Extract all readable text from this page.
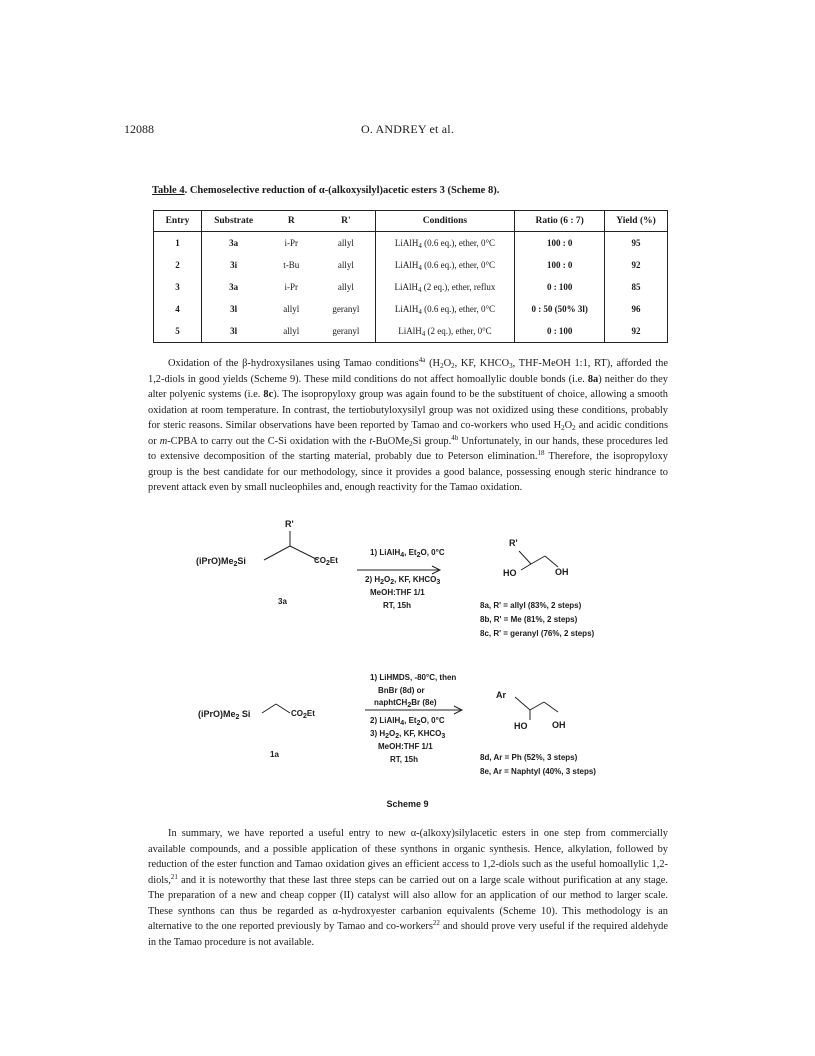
12088	O. ANDREY et al.
Table 4. Chemoselective reduction of α-(alkoxysilyl)acetic esters 3 (Scheme 8).
Entry	Substrate	R	R'	Conditions	Ratio (6 : 7)	Yield (%)
1	3a	i-Pr	allyl	LiAlH$_4$ (0.6 eq.), ether, 0°C	100 : 0	95
2	3i	t-Bu	allyl	LiAlH$_4$ (0.6 eq.), ether, 0°C	100 : 0	92
3	3a	i-Pr	allyl	LiAlH$_4$ (2 eq.), ether, reflux	0 : 100	85
4	3l	allyl	geranyl	LiAlH$_4$ (0.6 eq.), ether, 0°C	0 : 50 (50% 3l)	96
5	3l	allyl	geranyl	LiAlH$_4$ (2 eq.), ether, 0°C	0 : 100	92
Oxidation of the β-hydroxysilanes using Tamao conditions$^{4a}$ ($H_2O_2$, KF, $KHCO_3$, THF-MeOH 1:1, RT), afforded the 1,2-diols in good yields (Scheme 9). These mild conditions do not affect homoallylic double bonds (i.e. 8a) neither do they alter polyenic systems (i.e. 8c). The isopropyloxy group was again found to be the substituent of choice, allowing a smooth oxidation at room temperature. In contrast, the tertiobutyloxysilyl group was not oxidized using these conditions, probably for steric reasons. Similar observations have been reported by Tamao and co-workers who used $H_2O_2$ and acidic conditions or m-CPBA to carry out the C-Si oxidation with the t-BuOMe$_2$Si group.$^{4b}$ Unfortunately, in our hands, these procedures led to extensive decomposition of the starting material, probably due to Peterson elimination.$^{18}$ Therefore, the isopropyloxy group is the best candidate for our methodology, since it provides a good balance, possessing enough steric hindrance to prevent attack even by small nucleophiles and, enough reactivity for the Tamao oxidation.
R'
$(iPrO)Me_2Si$	$CO_2Et$
3a
1) LiAlH$_4$, $Et_2O$, 0°C
2) $H_2O_2$, KF, $KHCO_3$
MeOH:THF 1/1
RT, 15h
R'
HO	OH
8a, R' = allyl (83%, 2 steps)
8b, R' = Me (81%, 2 steps)
8c, R' = geranyl (76%, 2 steps)
$(iPrO)Me_2$ Si	$CO_2Et$
1a
1) LiHMDS, -80°C, then
BnBr (8d) or
naphtCH$_2$Br (8e)
2) LiAlH$_4$, $Et_2O$, 0°C
3) $H_2O_2$, KF, $KHCO_3$
MeOH:THF 1/1
RT, 15h
Ar
HO	OH
8d, Ar = Ph (52%, 3 steps)
8e, Ar = Naphtyl (40%, 3 steps)
Scheme 9
In summary, we have reported a useful entry to new α-(alkoxy)silylacetic esters in one step from commercially available compounds, and a possible application of these synthons in organic synthesis. Hence, alkylation, followed by reduction of the ester function and Tamao oxidation gives an efficient access to 1,2-diols such as the useful homoallylic 1,2-diols,$^{21}$ and it is noteworthy that these last three steps can be carried out on a large scale without purification at any stage. The preparation of a new and cheap copper (II) catalyst will also allow for an application of our method to larger scale. These synthons can thus be regarded as α-hydroxyester carbanion equivalents (Scheme 10). This methodology is an alternative to the one reported previously by Tamao and co-workers$^{22}$ and should prove very useful if the required aldehyde in the Tamao procedure is not available.
